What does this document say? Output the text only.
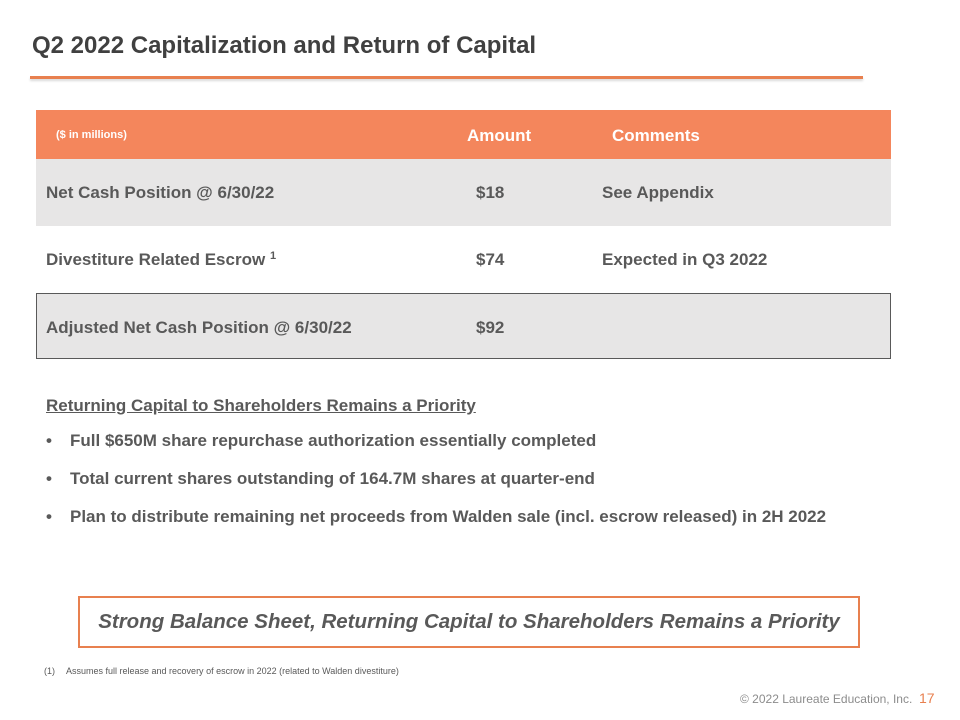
Q2 2022 Capitalization and Return of Capital
($ in millions)	Amount	Comments
Net Cash Position @ 6/30/22	$18	See Appendix
Divestiture Related Escrow $^1$	$74	Expected in Q3 2022
Adjusted Net Cash Position @ 6/30/22	$92
Returning Capital to Shareholders Remains a Priority
• Full $650M share repurchase authorization essentially completed
• Total current shares outstanding of 164.7M shares at quarter-end
• Plan to distribute remaining net proceeds from Walden sale (incl. escrow released) in 2H 2022
Strong Balance Sheet, Returning Capital to Shareholders Remains a Priority
(1) Assumes full release and recovery of escrow in 2022 (related to Walden divestiture)
© 2022 Laureate Education, Inc. 17
